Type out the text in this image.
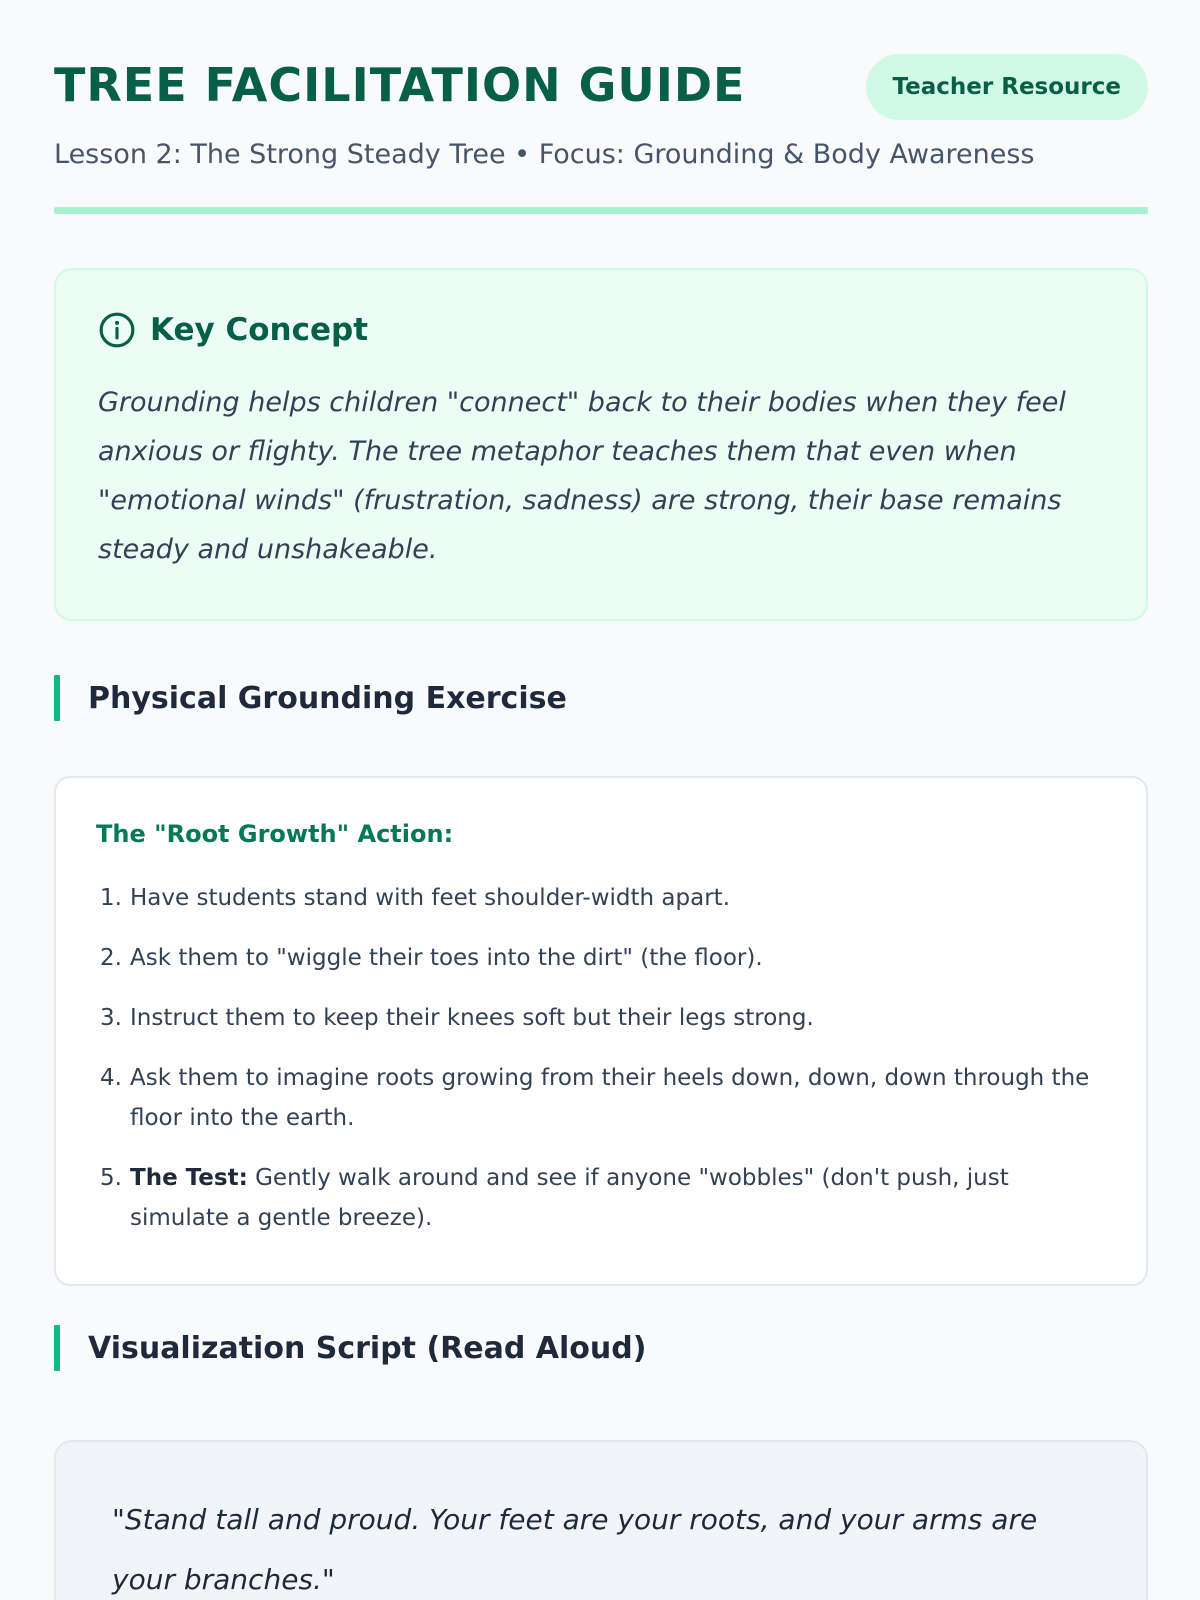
TREE FACILITATION GUIDE	Teacher Resource

Lesson 2: The Strong Steady Tree • Focus: Grounding & Body Awareness

Key Concept

Grounding helps children "connect" back to their bodies when they feel anxious or flighty. The tree metaphor teaches them that even when "emotional winds" (frustration, sadness) are strong, their base remains steady and unshakeable.

Physical Grounding Exercise
The "Root Growth" Action:
1. Have students stand with feet shoulder-width apart.
2. Ask them to "wiggle their toes into the dirt" (the floor).
3. Instruct them to keep their knees soft but their legs strong.
4. Ask them to imagine roots growing from their heels down, down, down through the floor into the earth.
5. The Test: Gently walk around and see if anyone "wobbles" (don't push, just simulate a gentle breeze).
Visualization Script (Read Aloud)

"Stand tall and proud. Your feet are your roots, and your arms are your branches."
